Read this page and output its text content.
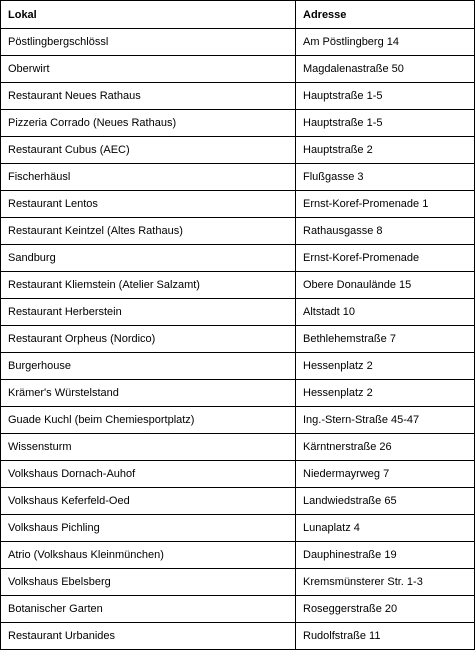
Lokal	Adresse
Pöstlingbergschlössl	Am Pöstlingberg 14
Oberwirt	Magdalenastraße 50
Restaurant Neues Rathaus	Hauptstraße 1-5
Pizzeria Corrado (Neues Rathaus)	Hauptstraße 1-5
Restaurant Cubus (AEC)	Hauptstraße 2
Fischerhäusl	Flußgasse 3
Restaurant Lentos	Ernst-Koref-Promenade 1
Restaurant Keintzel (Altes Rathaus)	Rathausgasse 8
Sandburg	Ernst-Koref-Promenade
Restaurant Kliemstein (Atelier Salzamt)	Obere Donaulände 15
Restaurant Herberstein	Altstadt 10
Restaurant Orpheus (Nordico)	Bethlehemstraße 7
Burgerhouse	Hessenplatz 2
Krämer's Würstelstand	Hessenplatz 2
Guade Kuchl (beim Chemiesportplatz)	Ing.-Stern-Straße 45-47
Wissensturm	Kärntnerstraße 26
Volkshaus Dornach-Auhof	Niedermayrweg 7
Volkshaus Keferfeld-Oed	Landwiedstraße 65
Volkshaus Pichling	Lunaplatz 4
Atrio (Volkshaus Kleinmünchen)	Dauphinestraße 19
Volkshaus Ebelsberg	Kremsmünsterer Str. 1-3
Botanischer Garten	Roseggerstraße 20
Restaurant Urbanides	Rudolfstraße 11
